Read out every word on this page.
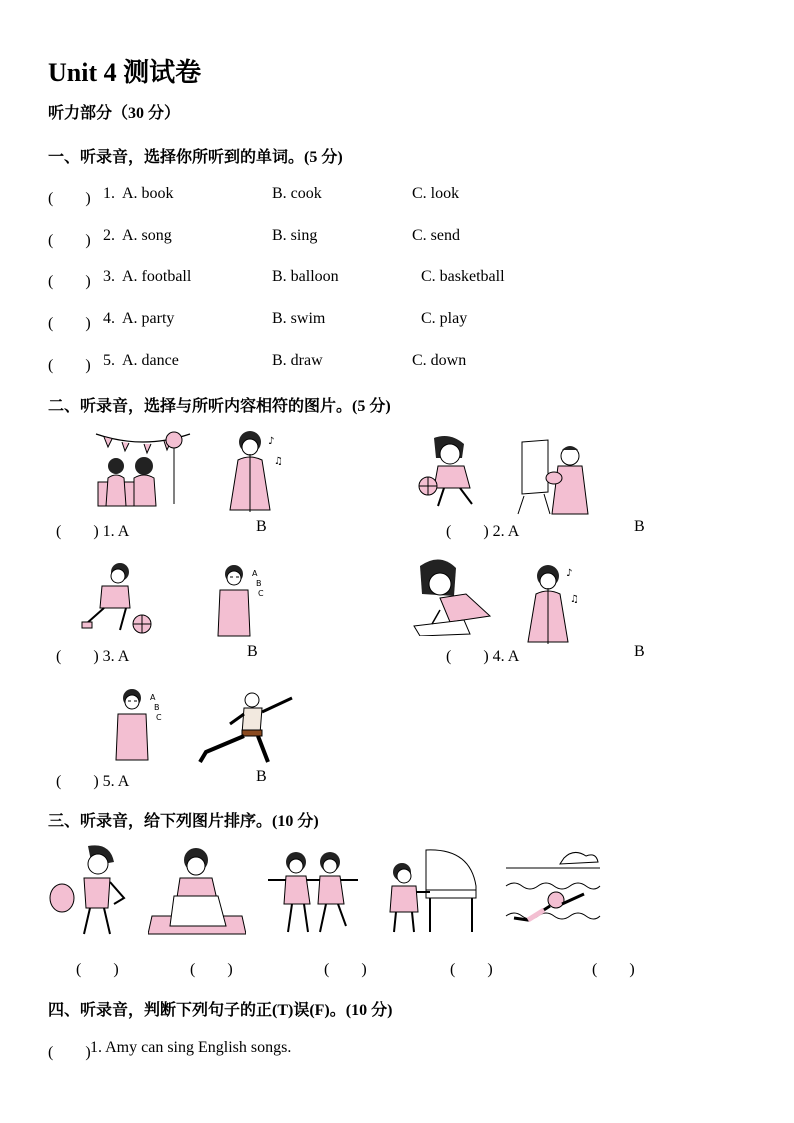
Unit 4 测试卷
听力部分（30 分）
一、听录音，选择你所听到的单词。(5 分)
(　　) 1. A. book	B. cook	C. look
(　　) 2. A. song	B. sing	C. send
(　　) 3. A. football	B. balloon	C. basketball
(　　) 4. A. party	B. swim	C. play
(　　) 5. A. dance	B. draw	C. down
二、听录音，选择与所听内容相符的图片。(5 分)
♪
♫
(　　) 1. A	B	(　　) 2. A	B
A
B
C
♪
♫
(　　) 3. A	B	(　　) 4. A	B
A
B
C
(　　) 5. A	B
三、听录音，给下列图片排序。(10 分)
(　　)	(　　)	(　　)	(　　)	(　　)
四、听录音，判断下列句子的正(T)误(F)。(10 分)
(　　) 1. Amy can sing English songs.
